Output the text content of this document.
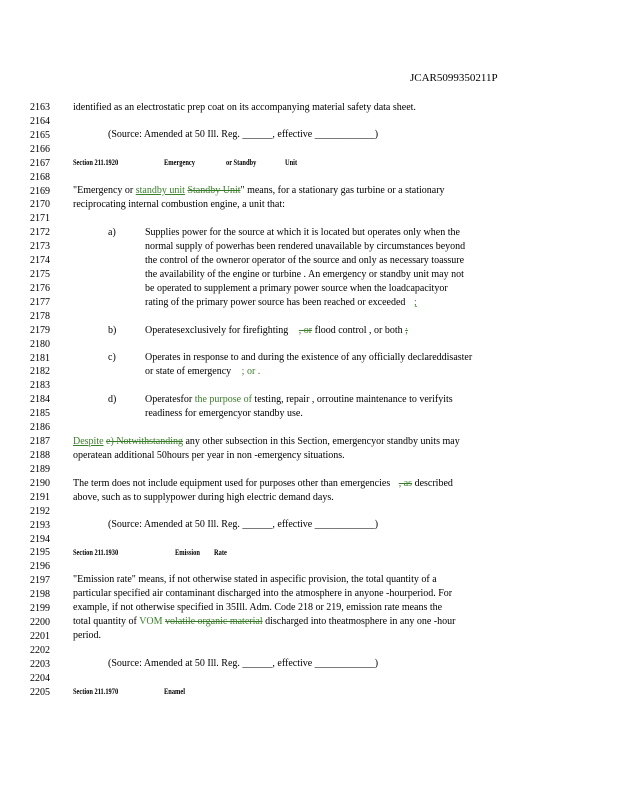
JCAR5099350211P
2163
2164
2165
2166
2167
2168
2169
2170
2171
2172
2173
2174
2175
2176
2177
2178
2179
2180
2181
2182
2183
2184
2185
2186
2187
2188
2189
2190
2191
2192
2193
2194
2195
2196
2197
2198
2199
2200
2201
2202
2203
2204
2205
identified as an electrostatic prep coat on its accompanying material safety data sheet.
(Source: Amended at 50 Ill. Reg. ______, effective ____________)
Section 211.1920	Emergency	or Standby	Unit
"Emergency or standby unit Standby Unit" means, for a stationary gas turbine or a stationary
reciprocating internal combustion engine, a unit that:
a)	Supplies power for the source at which it is located but operates only when the
normal supply of powerhas been rendered unavailable by circumstances beyond
the control of the owneror operator of the source and only as necessary toassure
the availability of the engine or turbine . An emergency or standby unit may not
be operated to supplement a primary power source when the loadcapacityor
rating of the primary power source has been reached or exceeded ;
b)	Operatesexclusively for firefighting , or flood control , or both ;
c)	Operates in response to and during the existence of any officially declareddisaster
or state of emergency ; or .
d)	Operatesfor the purpose of testing, repair , orroutine maintenance to verifyits
readiness for emergencyor standby use.
Despite e) Notwithstanding any other subsection in this Section, emergencyor standby units may
operatean additional 50hours per year in non -emergency situations.
The term does not include equipment used for purposes other than emergencies , as described
above, such as to supplypower during high electric demand days.
(Source: Amended at 50 Ill. Reg. ______, effective ____________)
Section 211.1930	Emission Rate
"Emission rate" means, if not otherwise stated in aspecific provision, the total quantity of a
particular specified air contaminant discharged into the atmosphere in anyone -hourperiod. For
example, if not otherwise specified in 35Ill. Adm. Code 218 or 219, emission rate means the
total quantity of VOM volatile organic material discharged into theatmosphere in any one -hour
period.
(Source: Amended at 50 Ill. Reg. ______, effective ____________)
Section 211.1970	Enamel
